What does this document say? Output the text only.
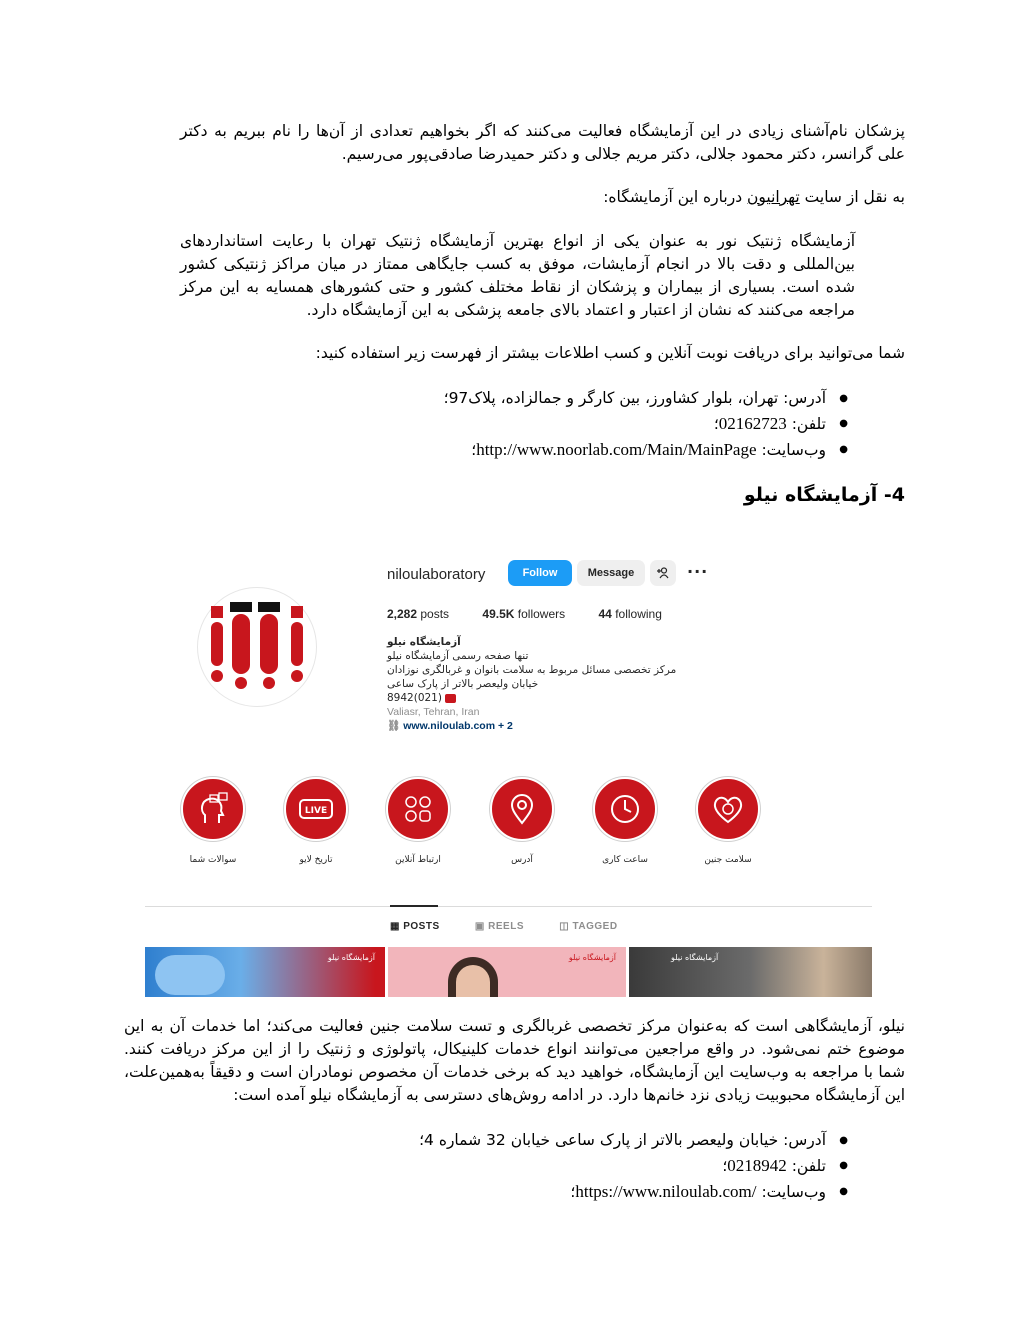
پزشکان نام‌آشنای زیادی در این آزمایشگاه فعالیت می‌کنند که اگر بخواهیم تعدادی از آن‌ها را نام ببریم به دکتر علی گرانسر، دکتر محمود جلالی، دکتر مریم جلالی و دکتر حمیدرضا صادقی‌پور می‌رسیم.
به نقل از سایت تهرانیون درباره این آزمایشگاه:
آزمایشگاه ژنتیک نور به عنوان یکی از انواع بهترین آزمایشگاه ژنتیک تهران با رعایت استانداردهای بین‌المللی و دقت بالا در انجام آزمایشات، موفق به کسب جایگاهی ممتاز در میان مراکز ژنتیکی کشور شده است. بسیاری از بیماران و پزشکان از نقاط مختلف کشور و حتی کشورهای همسایه به این مرکز مراجعه می‌کنند که نشان از اعتبار و اعتماد بالای جامعه پزشکی به این آزمایشگاه دارد.
شما می‌توانید برای دریافت نوبت آنلاین و کسب اطلاعات بیشتر از فهرست زیر استفاده کنید:
● آدرس: تهران، بلوار کشاورز، بین کارگر و جمالزاده، پلاک97؛
● تلفن: 02162723؛
● وب‌سایت: http://www.noorlab.com/Main/MainPage؛
4- آزمایشگاه نیلو
niloulaboratory	Follow	Message	···
2,282 posts	49.5K followers	44 following
آزمایشگاه نیلو
تنها صفحه رسمی آزمایشگاه نیلو
مرکز تخصصی مسائل مربوط به سلامت بانوان و غربالگری نوزادان
خیابان ولیعصر بالاتر از پارک ساعی
8942(021)
Valiasr, Tehran, Iran
⛓ www.niloulab.com + 2
سلامت جنین
ساعت کاری
آدرس
ارتباط آنلاین
LIVE
تاریخ لایو
سوالات شما
▦ POSTS	▣ REELS	◫ TAGGED
آزمایشگاه نیلو	آزمایشگاه نیلو	آزمایشگاه نیلو
نیلو، آزمایشگاهی است که به‌عنوان مرکز تخصصی غربالگری و تست سلامت جنین فعالیت می‌کند؛ اما خدمات آن به این موضوع ختم نمی‌شود. در واقع مراجعین می‌توانند انواع خدمات کلینیکال، پاتولوژی و ژنتیک را از این مرکز دریافت کنند. شما با مراجعه به وب‌سایت این آزمایشگاه، خواهید دید که برخی خدمات آن مخصوص نومادران است و دقیقاً به‌همین‌علت، این آزمایشگاه محبوبیت زیادی نزد خانم‌ها دارد. در ادامه روش‌های دسترسی به آزمایشگاه نیلو آمده است:
● آدرس: خیابان ولیعصر بالاتر از پارک ساعی خیابان 32 شماره 4؛
● تلفن: 0218942؛
● وب‌سایت: https://www.niloulab.com/؛
